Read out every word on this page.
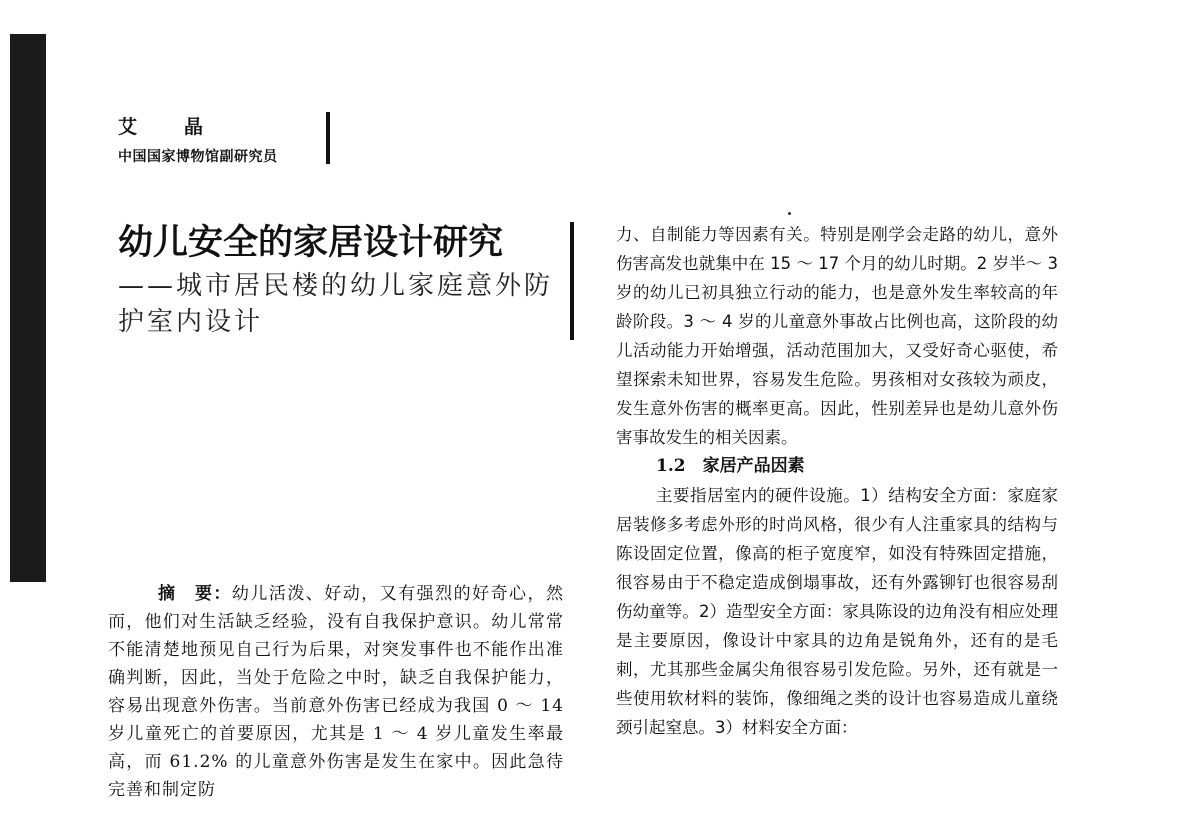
艾　晶
中国国家博物馆副研究员
幼儿安全的家居设计研究
——城市居民楼的幼儿家庭意外防护室内设计

摘　要：幼儿活泼、好动，又有强烈的好奇心，然而，他们对生活缺乏经验，没有自我保护意识。幼儿常常不能清楚地预见自己行为后果，对突发事件也不能作出准确判断，因此，当处于危险之中时，缺乏自我保护能力，容易出现意外伤害。当前意外伤害已经成为我国 0 ～ 14 岁儿童死亡的首要原因，尤其是 1 ～ 4 岁儿童发生率最高，而 61.2% 的儿童意外伤害是发生在家中。因此急待完善和制定防

力、自制能力等因素有关。特别是刚学会走路的幼儿，意外伤害高发也就集中在 15 ～ 17 个月的幼儿时期。2 岁半～ 3 岁的幼儿已初具独立行动的能力，也是意外发生率较高的年龄阶段。3 ～ 4 岁的儿童意外事故占比例也高，这阶段的幼儿活动能力开始增强，活动范围加大，又受好奇心驱使，希望探索未知世界，容易发生危险。男孩相对女孩较为顽皮，发生意外伤害的概率更高。因此，性别差异也是幼儿意外伤害事故发生的相关因素。

1.2　家居产品因素

主要指居室内的硬件设施。1）结构安全方面：家庭家居装修多考虑外形的时尚风格，很少有人注重家具的结构与陈设固定位置，像高的柜子宽度窄，如没有特殊固定措施，很容易由于不稳定造成倒塌事故，还有外露铆钉也很容易刮伤幼童等。2）造型安全方面：家具陈设的边角没有相应处理是主要原因，像设计中家具的边角是锐角外，还有的是毛刺，尤其那些金属尖角很容易引发危险。另外，还有就是一些使用软材料的装饰，像细绳之类的设计也容易造成儿童绕颈引起窒息。3）材料安全方面：
